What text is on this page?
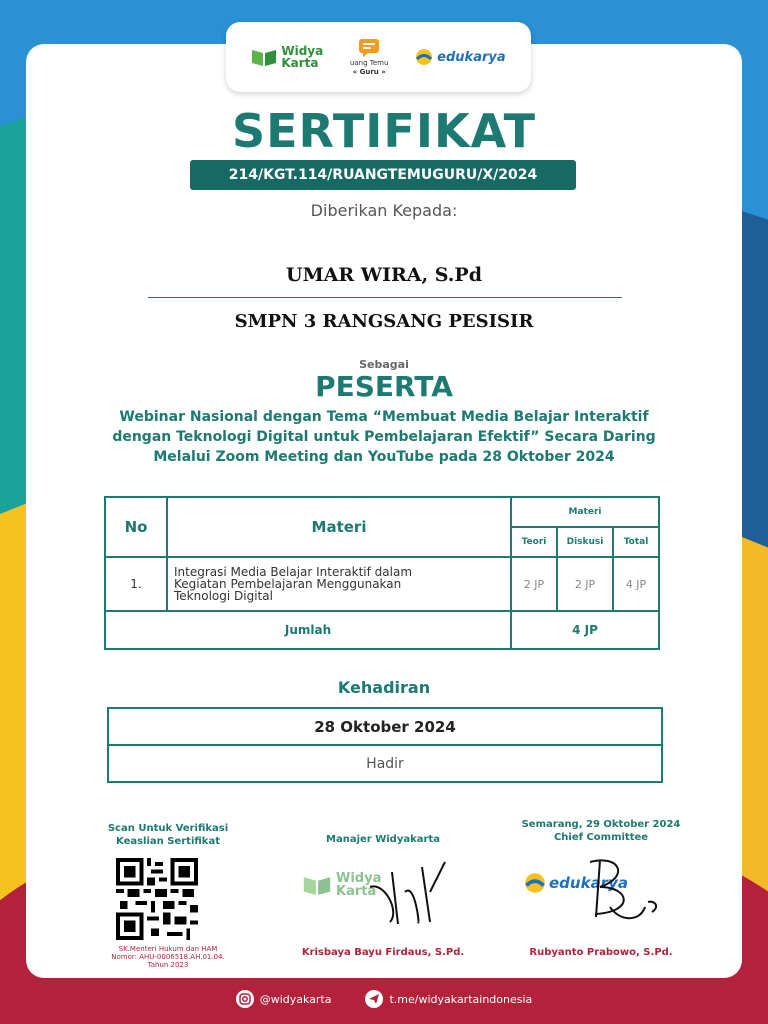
Widya
Karta	uang Temu
« Guru »
edukarya
SERTIFIKAT
214/KGT.114/RUANGTEMUGURU/X/2024
Diberikan Kepada:
UMAR WIRA, S.Pd
SMPN 3 RANGSANG PESISIR
Sebagai
PESERTA
Webinar Nasional dengan Tema “Membuat Media Belajar Interaktif
dengan Teknologi Digital untuk Pembelajaran Efektif” Secara Daring
Melalui Zoom Meeting dan YouTube pada 28 Oktober 2024
No	Materi	Materi		
		Teori	Diskusi	Total
1.	Integrasi Media Belajar Interaktif dalam
Kegiatan Pembelajaran Menggunakan
Teknologi Digital	2 JP	2 JP	4 JP
Jumlah		4 JP		
Kehadiran
28 Oktober 2024
Hadir
Scan Untuk Verifikasi
Keaslian Sertifikat
SK.Menteri Hukum dan HAM
Nomor: AHU-0006518.AH.01.04.
Tahun 2023
Manajer Widyakarta
Widya
Karta
Krisbaya Bayu Firdaus, S.Pd.
Semarang, 29 Oktober 2024
Chief Committee
edukarya
Rubyanto Prabowo, S.Pd.
@widyakarta	t.me/widyakartaindonesia
